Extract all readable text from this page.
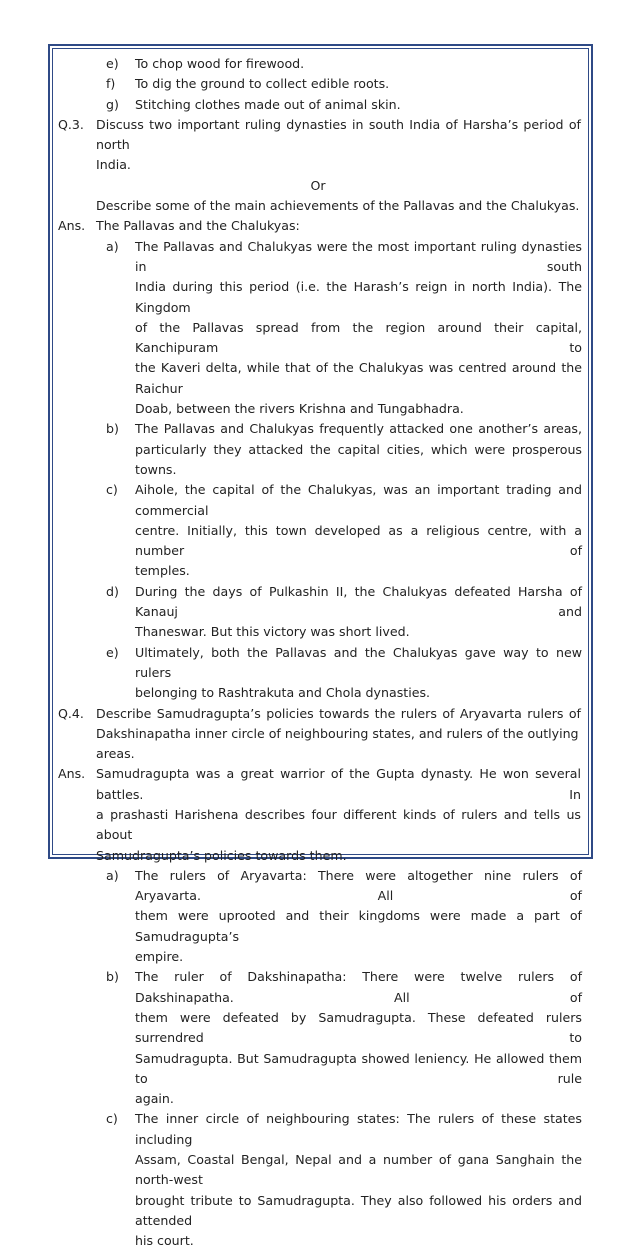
e)	To chop wood for firewood.
f)	To dig the ground to collect edible roots.
g)	Stitching clothes made out of animal skin.
Q.3. Discuss two important ruling dynasties in south India of Harsha’s period of north
India.
Or
Describe some of the main achievements of the Pallavas and the Chalukyas.
Ans. The Pallavas and the Chalukyas:
a)	The Pallavas and Chalukyas were the most important ruling dynasties in south
India during this period (i.e. the Harash’s reign in north India). The Kingdom
of the Pallavas spread from the region around their capital, Kanchipuram to
the Kaveri delta, while that of the Chalukyas was centred around the Raichur
Doab, between the rivers Krishna and Tungabhadra.
b)	The Pallavas and Chalukyas frequently attacked one another’s areas,
particularly they attacked the capital cities, which were prosperous towns.
c)	Aihole, the capital of the Chalukyas, was an important trading and commercial
centre. Initially, this town developed as a religious centre, with a number of
temples.
d)	During the days of Pulkashin II, the Chalukyas defeated Harsha of Kanauj and
Thaneswar. But this victory was short lived.
e)	Ultimately, both the Pallavas and the Chalukyas gave way to new rulers
belonging to Rashtrakuta and Chola dynasties.
Q.4. Describe Samudragupta’s policies towards the rulers of Aryavarta rulers of
Dakshinapatha inner circle of neighbouring states, and rulers of the outlying areas.
Ans. Samudragupta was a great warrior of the Gupta dynasty. He won several battles. In
a prashasti Harishena describes four different kinds of rulers and tells us about
Samudragupta’s policies towards them.
a)	The rulers of Aryavarta: There were altogether nine rulers of Aryavarta. All of
them were uprooted and their kingdoms were made a part of Samudragupta’s
empire.
b)	The ruler of Dakshinapatha: There were twelve rulers of Dakshinapatha. All of
them were defeated by Samudragupta. These defeated rulers surrendred to
Samudragupta. But Samudragupta showed leniency. He allowed them to rule
again.
c)	The inner circle of neighbouring states: The rulers of these states including
Assam, Coastal Bengal, Nepal and a number of gana Sanghain the north-west
brought tribute to Samudragupta. They also followed his orders and attended
his court.
